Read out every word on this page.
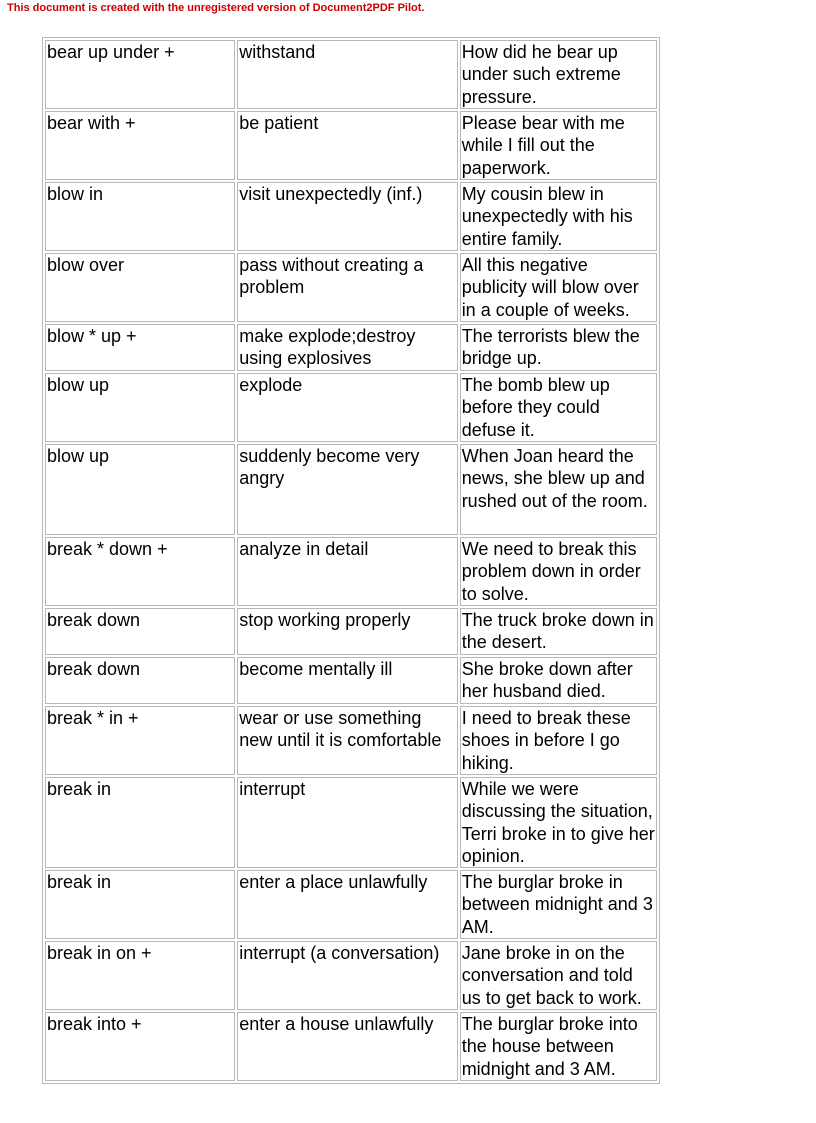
This document is created with the unregistered version of Document2PDF Pilot.
bear up under +	withstand	How did he bear up under such extreme pressure.
bear with +	be patient	Please bear with me while I fill out the paperwork.
blow in	visit unexpectedly (inf.)	My cousin blew in unexpectedly with his entire family.
blow over	pass without creating a problem	All this negative publicity will blow over in a couple of weeks.
blow * up +	make explode;destroy using explosives	The terrorists blew the bridge up.
blow up	explode	The bomb blew up before they could defuse it.
blow up	suddenly become very angry	When Joan heard the news, she blew up and rushed out of the room.
break * down +	analyze in detail	We need to break this problem down in order to solve.
break down	stop working properly	The truck broke down in the desert.
break down	become mentally ill	She broke down after her husband died.
break * in +	wear or use something new until it is comfortable	I need to break these shoes in before I go hiking.
break in	interrupt	While we were discussing the situation, Terri broke in to give her opinion.
break in	enter a place unlawfully	The burglar broke in between midnight and 3 AM.
break in on +	interrupt (a conversation)	Jane broke in on the conversation and told us to get back to work.
break into +	enter a house unlawfully	The burglar broke into the house between midnight and 3 AM.
